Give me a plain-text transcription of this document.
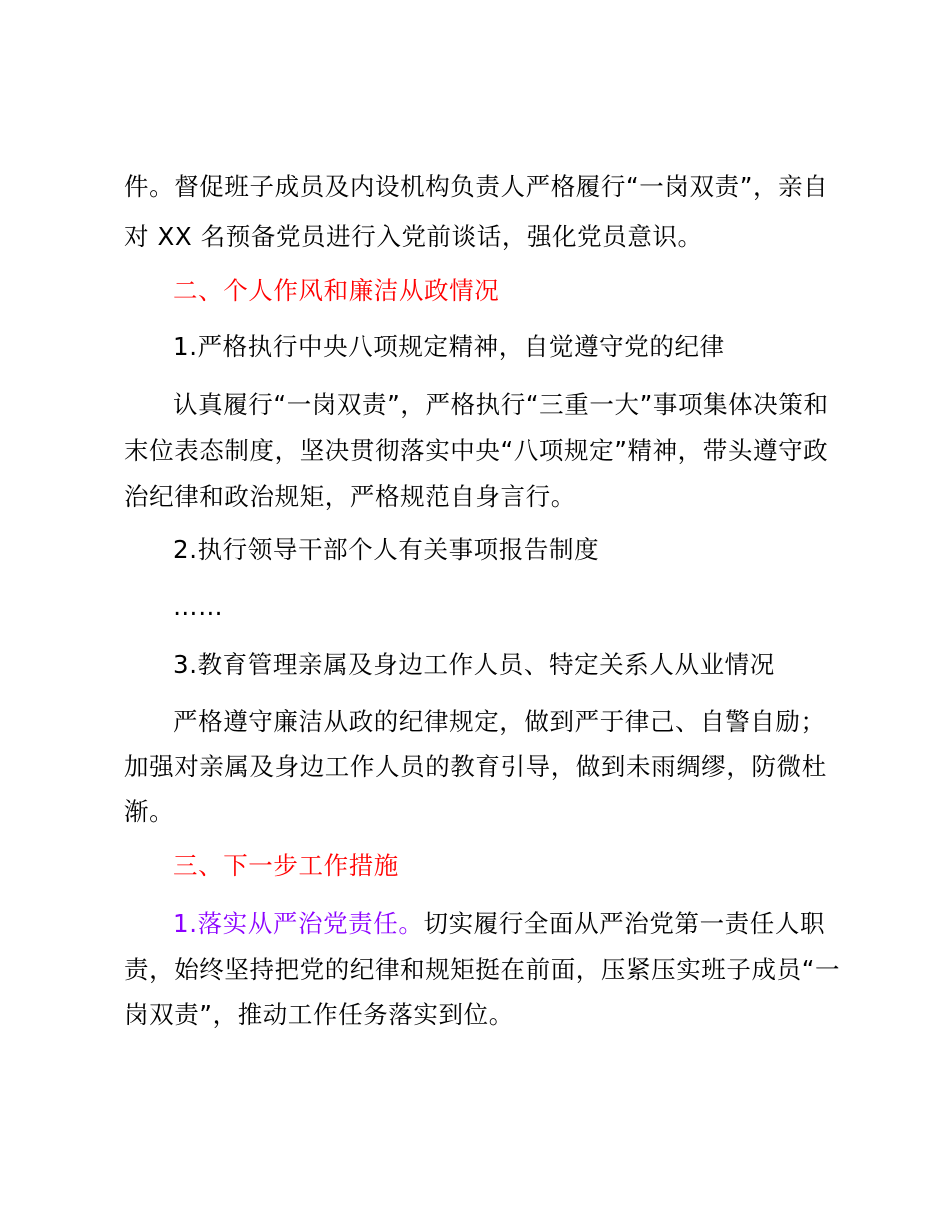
件。督促班子成员及内设机构负责人严格履行“一岗双责”，亲自
对 XX 名预备党员进行入党前谈话，强化党员意识。
二、个人作风和廉洁从政情况
1.严格执行中央八项规定精神，自觉遵守党的纪律
认真履行“一岗双责”，严格执行“三重一大”事项集体决策和
末位表态制度，坚决贯彻落实中央“八项规定”精神，带头遵守政
治纪律和政治规矩，严格规范自身言行。
2.执行领导干部个人有关事项报告制度
……
3.教育管理亲属及身边工作人员、特定关系人从业情况
严格遵守廉洁从政的纪律规定，做到严于律己、自警自励；
加强对亲属及身边工作人员的教育引导，做到未雨绸缪，防微杜
渐。
三、下一步工作措施
1.落实从严治党责任。切实履行全面从严治党第一责任人职
责，始终坚持把党的纪律和规矩挺在前面，压紧压实班子成员“一
岗双责”，推动工作任务落实到位。
